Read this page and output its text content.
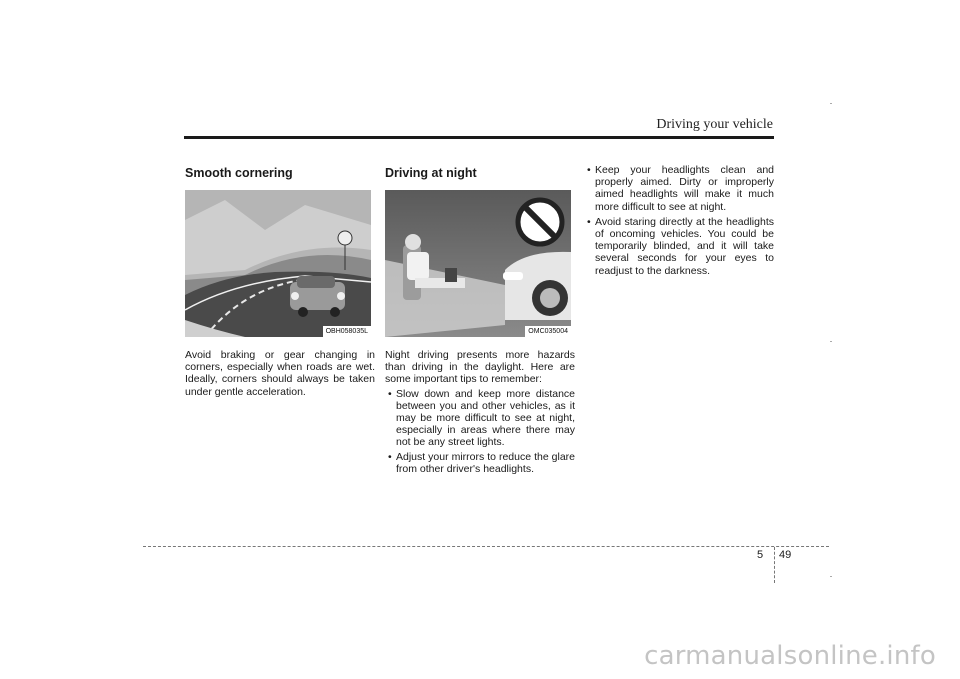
Driving your vehicle
Smooth cornering
OBH058035L

Avoid braking or gear changing in corners, especially when roads are wet. Ideally, corners should always be taken under gentle acceleration.

Driving at night
OMC035004

Night driving presents more hazards than driving in the daylight. Here are some important tips to remember:

• Slow down and keep more distance between you and other vehicles, as it may be more difficult to see at night, especially in areas where there may not be any street lights.
• Adjust your mirrors to reduce the glare from other driver's headlights.
• Keep your headlights clean and properly aimed. Dirty or improperly aimed headlights will make it much more difficult to see at night.
• Avoid staring directly at the headlights of oncoming vehicles. You could be temporarily blinded, and it will take several seconds for your eyes to readjust to the darkness.
5 49
carmanualsonline.info
